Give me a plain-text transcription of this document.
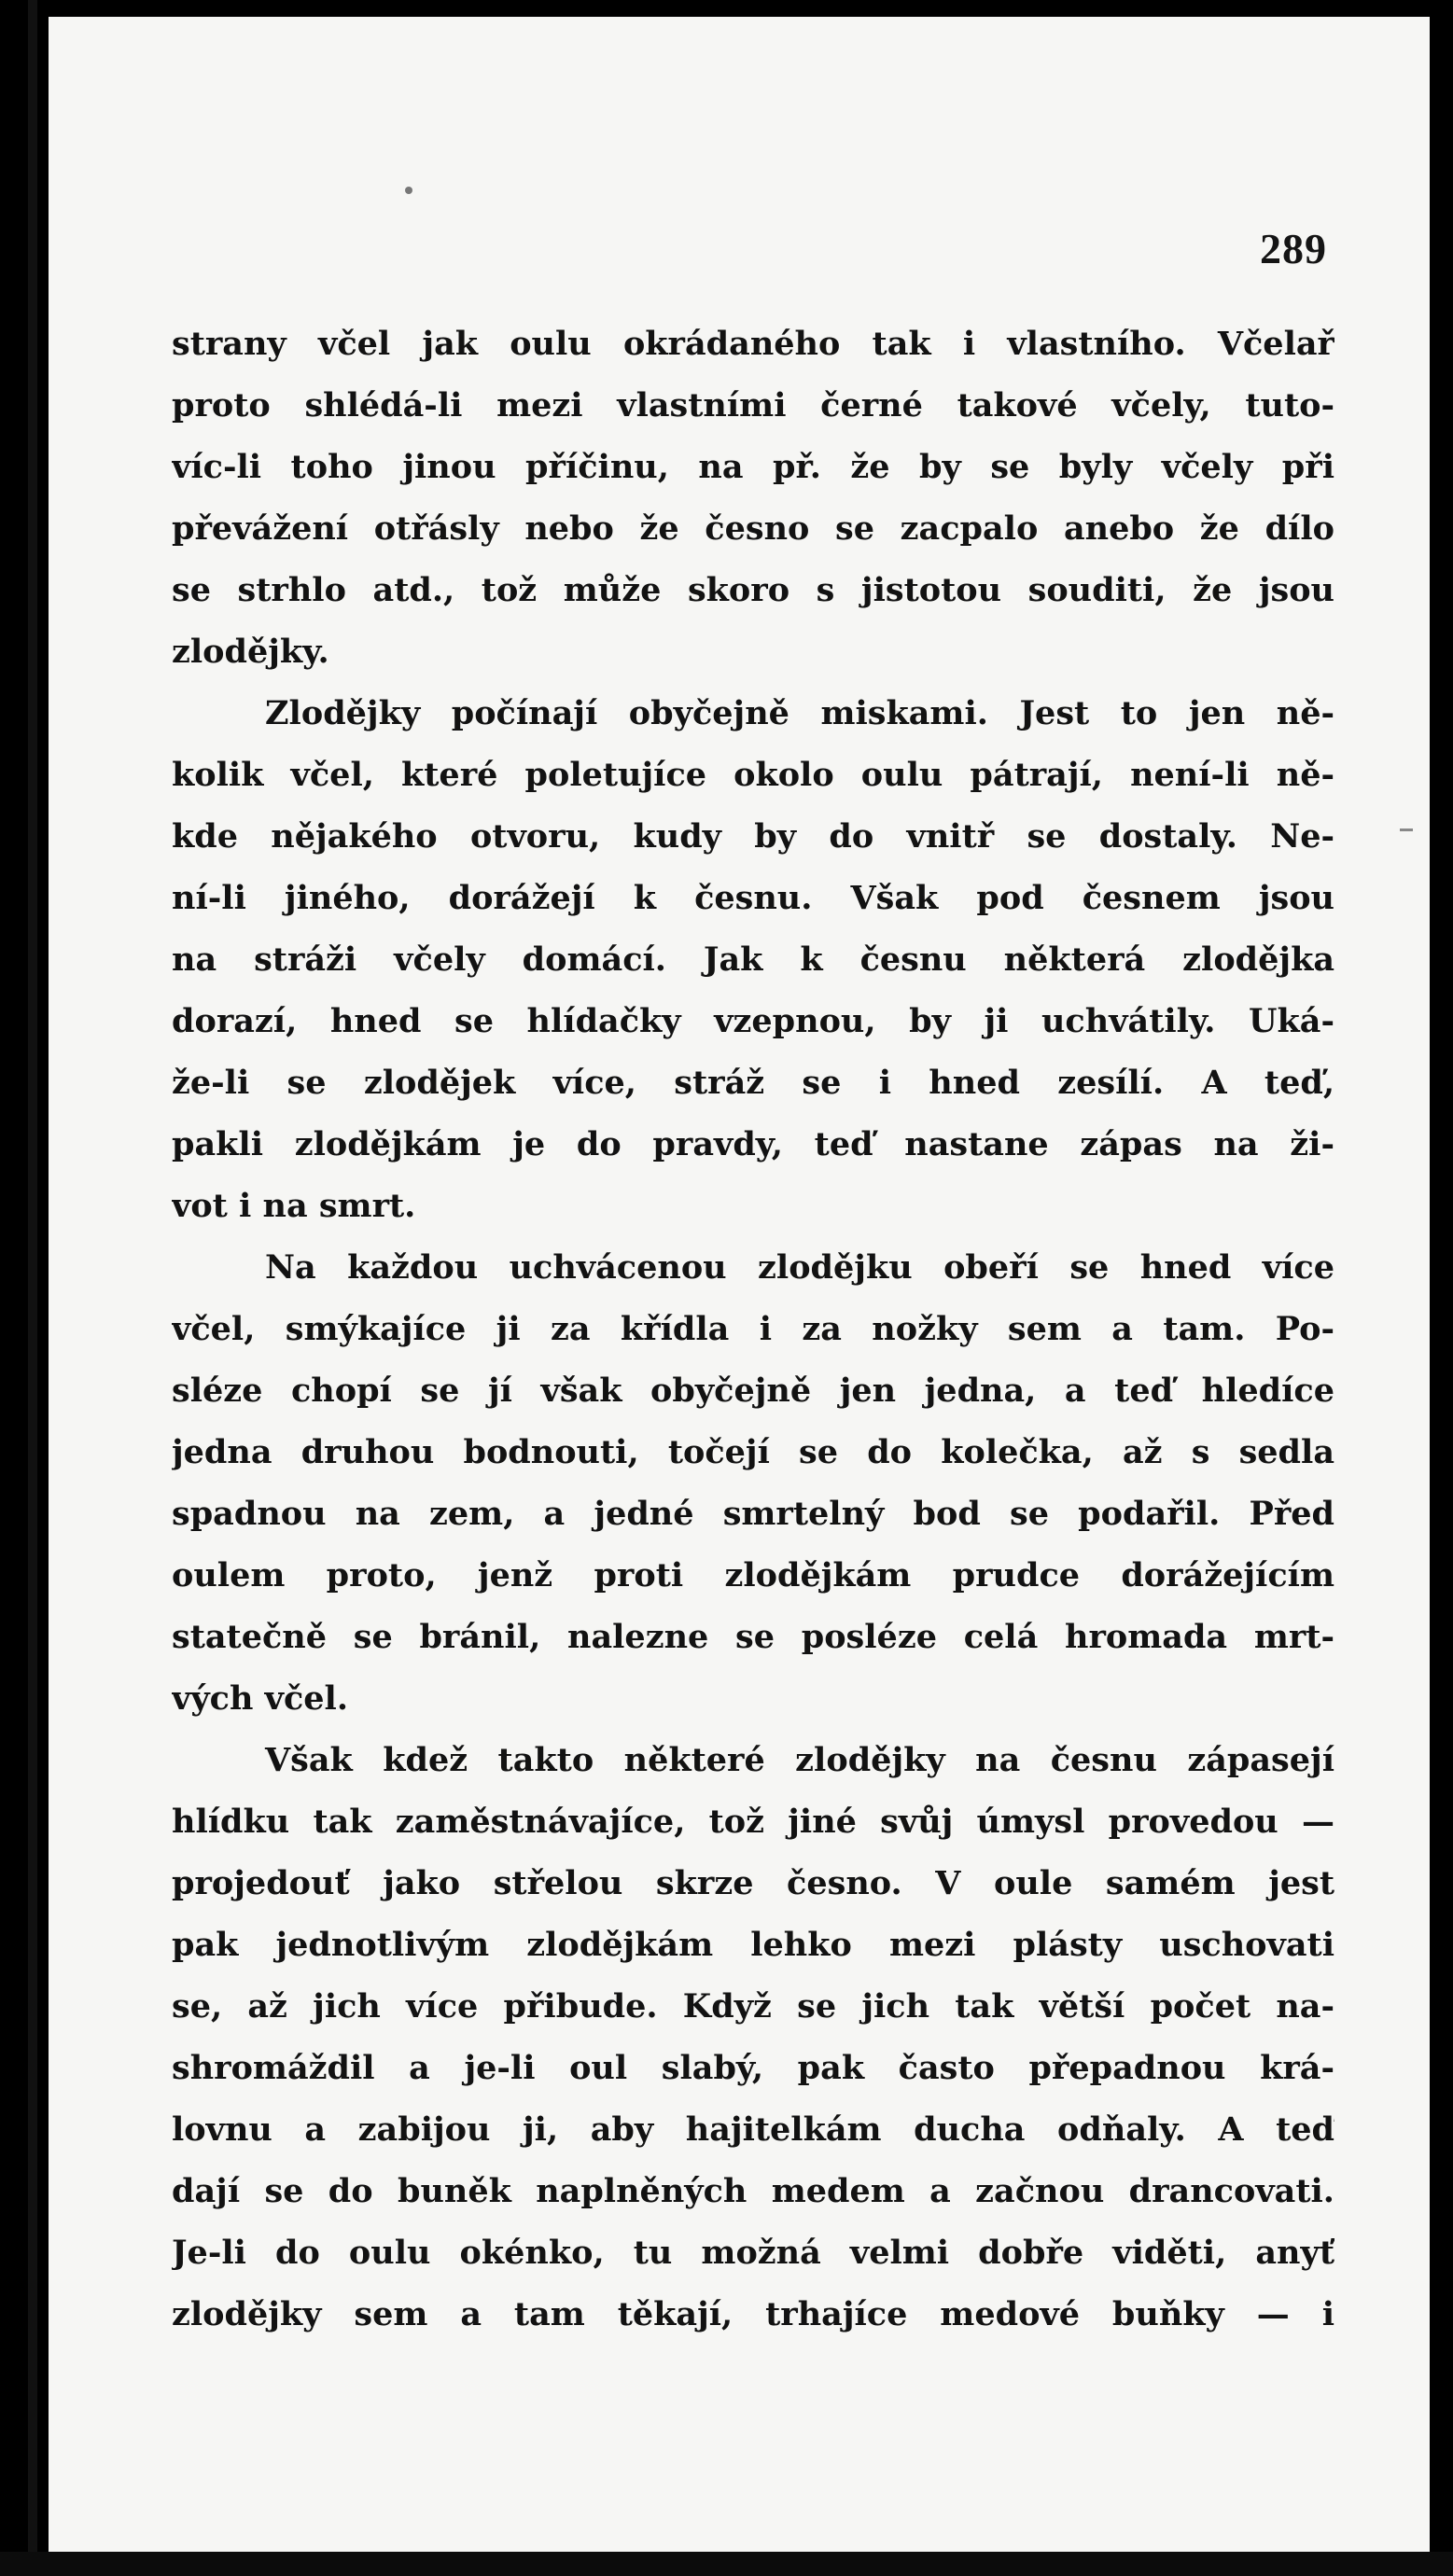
289
strany včel jak oulu okrádaného tak i vlastního. Včelař
proto shlédá-li mezi vlastními černé takové včely, tuto-
víc-li toho jinou příčinu, na př. že by se byly včely při
převážení otřásly nebo že česno se zacpalo anebo že dílo
se strhlo atd., tož může skoro s jistotou souditi, že jsou
zlodějky.
Zlodějky počínají obyčejně miskami. Jest to jen ně-
kolik včel, které poletujíce okolo oulu pátrají, není-li ně-
kde nějakého otvoru, kudy by do vnitř se dostaly. Ne-
ní-li jiného, dorážejí k česnu. Však pod česnem jsou
na stráži včely domácí. Jak k česnu některá zlodějka
dorazí, hned se hlídačky vzepnou, by ji uchvátily. Uká-
že-li se zlodějek více, stráž se i hned zesílí. A teď,
pakli zlodějkám je do pravdy, teď nastane zápas na ži-
vot i na smrt.
Na každou uchvácenou zlodějku obeří se hned více
včel, smýkajíce ji za křídla i za nožky sem a tam. Po-
sléze chopí se jí však obyčejně jen jedna, a teď hledíce
jedna druhou bodnouti, točejí se do kolečka, až s sedla
spadnou na zem, a jedné smrtelný bod se podařil. Před
oulem proto, jenž proti zlodějkám prudce dorážejícím
statečně se bránil, nalezne se posléze celá hromada mrt-
vých včel.
Však kdež takto některé zlodějky na česnu zápasejí
hlídku tak zaměstnávajíce, tož jiné svůj úmysl provedou —
projedouť jako střelou skrze česno. V oule samém jest
pak jednotlivým zlodějkám lehko mezi plásty uschovati
se, až jich více přibude. Když se jich tak větší počet na-
shromáždil a je-li oul slabý, pak často přepadnou krá-
lovnu a zabijou ji, aby hajitelkám ducha odňaly. A teď
dají se do buněk naplněných medem a začnou drancovati.
Je-li do oulu okénko, tu možná velmi dobře viděti, anyť
zlodějky sem a tam těkají, trhajíce medové buňky — i
